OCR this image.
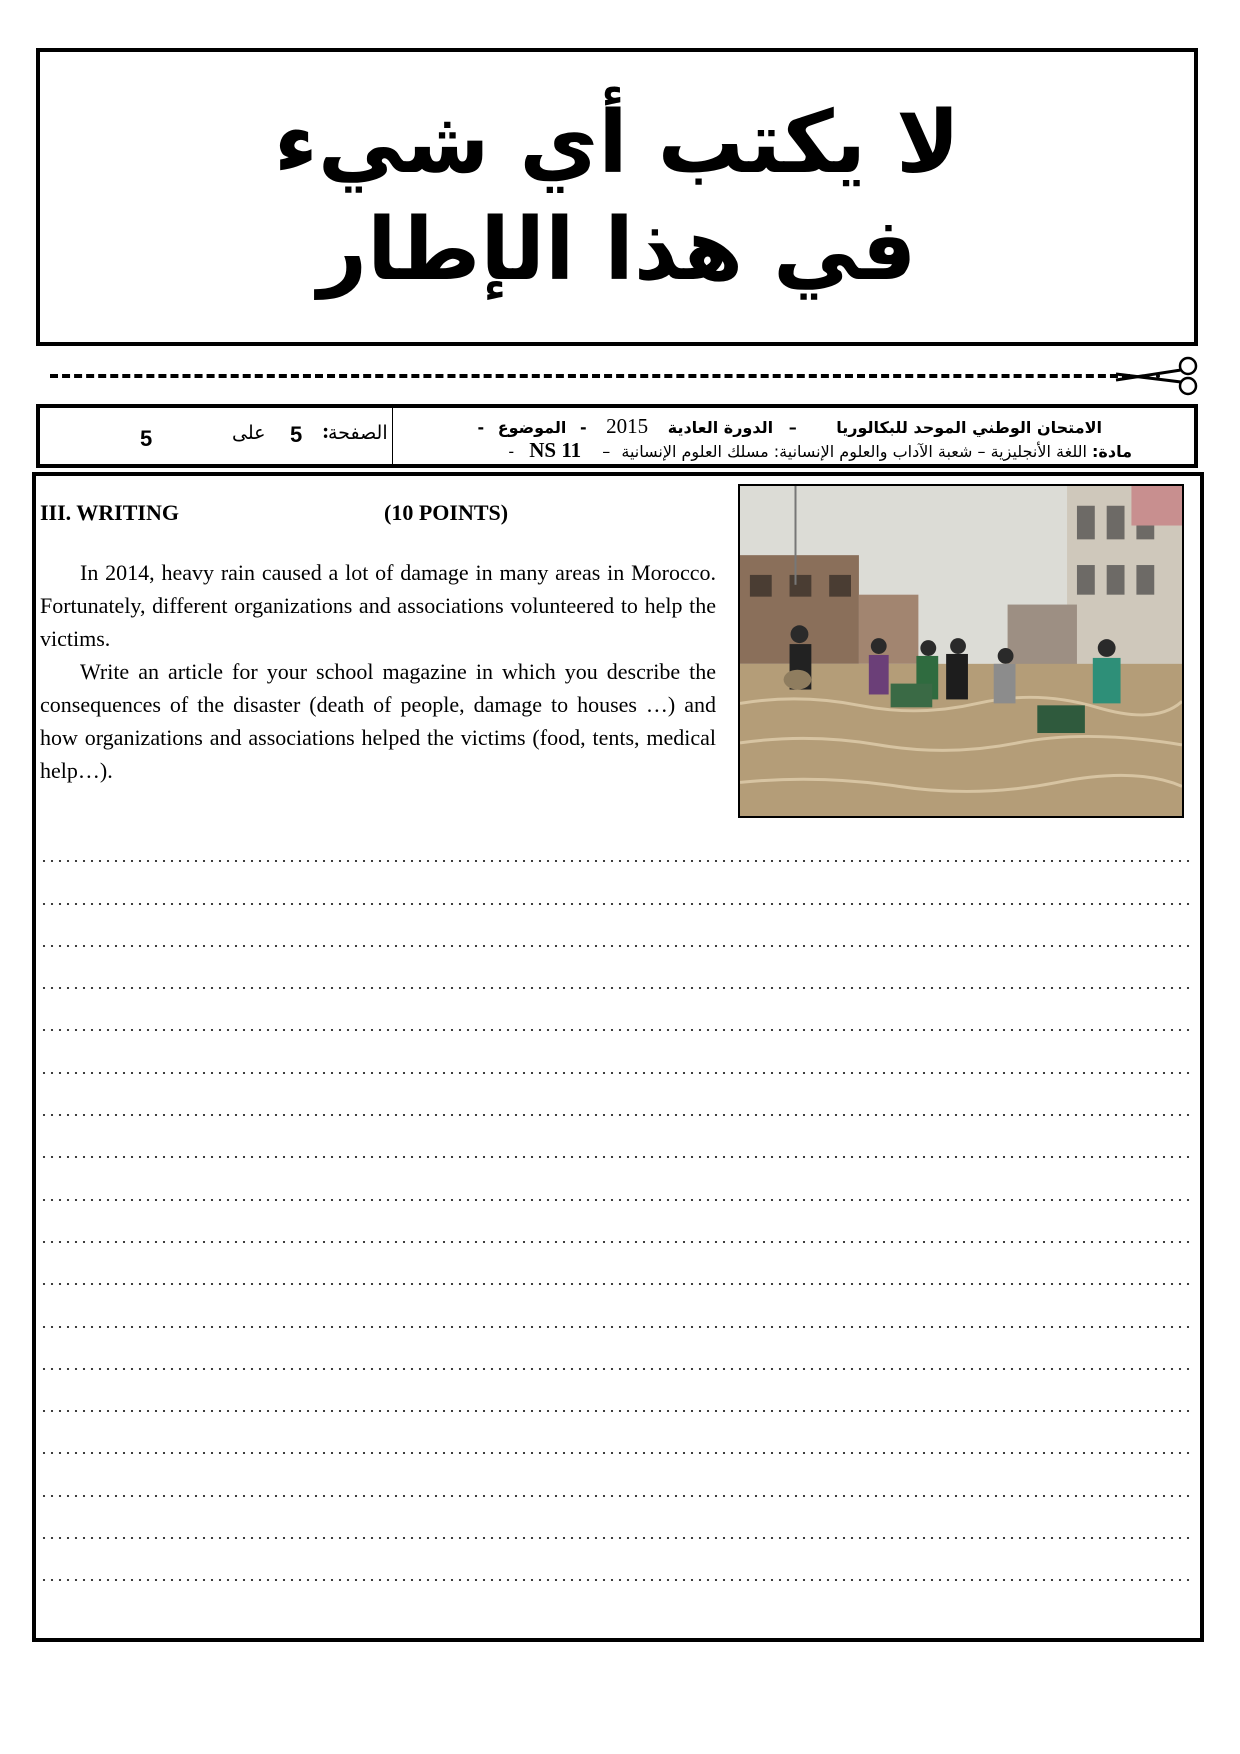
لا يكتب أي شيء
في هذا الإطار
5	على 5 :
الصفحة	الامتحان الوطني الموحد للبكالوريا – الدورة العادية 2015 - الموضوع -
مادة: اللغة الأنجليزية – شعبة الآداب والعلوم الإنسانية: مسلك العلوم الإنسانية – NS 11 -
III. WRITING	(10 POINTS)

In 2014, heavy rain caused a lot of damage in many areas in Morocco. Fortunately, different organizations and associations volunteered to help the victims.

Write an article for your school magazine in which you describe the consequences of the disaster (death of people, damage to houses …) and how organizations and associations helped the victims (food, tents, medical help…).
